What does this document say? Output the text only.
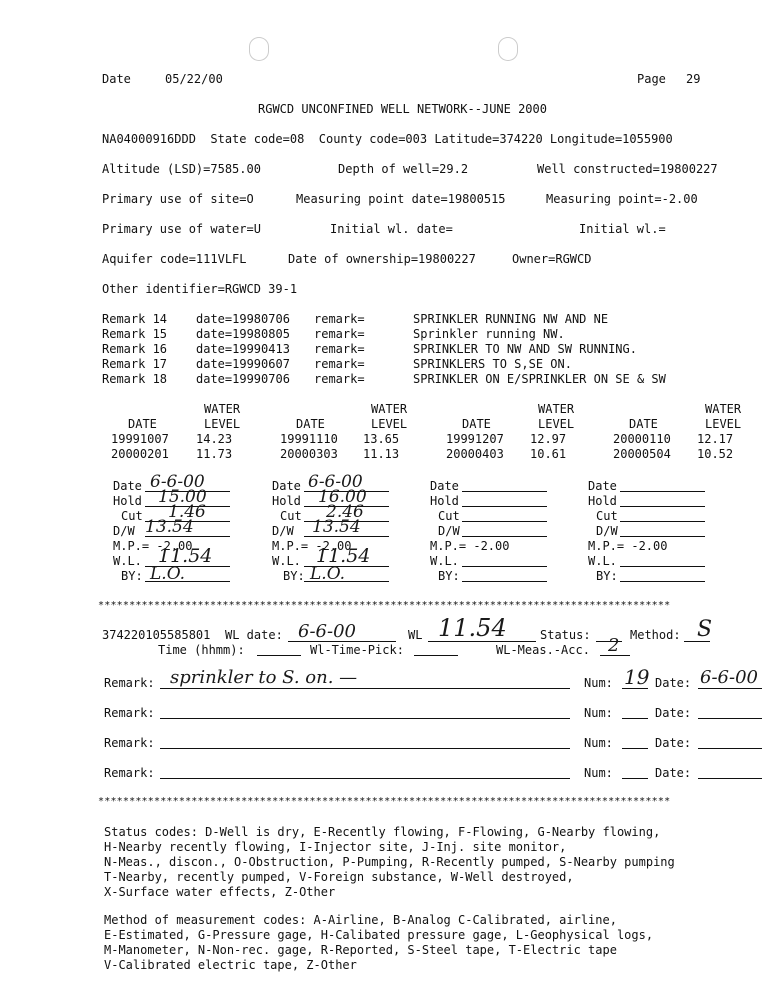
Date	05/22/00	Page 29
RGWCD UNCONFINED WELL NETWORK--JUNE 2000
NA04000916DDD  State code=08  County code=003 Latitude=374220 Longitude=1055900
Altitude (LSD)=7585.00	Depth of well=29.2	Well constructed=19800227
Primary use of site=O	Measuring point date=19800515	Measuring point=-2.00
Primary use of water=U	Initial wl. date=	Initial wl.=
Aquifer code=111VLFL	Date of ownership=19800227	Owner=RGWCD
Other identifier=RGWCD 39-1
Remark 14 date=19980706 remark=	SPRINKLER RUNNING NW AND NE
Remark 15 date=19980805 remark=	Sprinkler running NW.
Remark 16 date=19990413 remark=	SPRINKLER TO NW AND SW RUNNING.
Remark 17 date=19990607 remark=	SPRINKLERS TO S,SE ON.
Remark 18 date=19990706 remark=	SPRINKLER ON E/SPRINKLER ON SE & SW
WATER	WATER	WATER	WATER
DATE	LEVEL	DATE	LEVEL	DATE	LEVEL	DATE	LEVEL
19991007 14.23	19991110 13.65	19991207 12.97	20000110 12.17
20000201 11.73	20000303 11.13	20000403 10.61	20000504 10.52
Date 6-6-00
Hold 15.00
Cut 1.46
D/W 13.54
M.P.= -2.00
W.L. 11.54
BY: L.O.
Date 6-6-00
Hold 16.00
Cut 2.46
D/W 13.54
M.P.= -2.00
W.L. 11.54
BY: L.O.
Date
Hold
Cut
D/W
M.P.= -2.00
W.L.
BY:
Date
Hold
Cut
D/W
M.P.= -2.00
W.L.
BY:
********************************************************************************************
374220105585801 WL date: 6-6-00	WL 11.54	Status:	Method: S
Time (hhmm):	Wl-Time-Pick:	WL-Meas.-Acc. 2
Remark: sprinkler to S. on. —	Num: 19 Date: 6-6-00
Remark:	Num:	Date:
Remark:	Num:	Date:
Remark:	Num:	Date:
********************************************************************************************
Status codes: D-Well is dry, E-Recently flowing, F-Flowing, G-Nearby flowing,
H-Nearby recently flowing, I-Injector site, J-Inj. site monitor,
N-Meas., discon., O-Obstruction, P-Pumping, R-Recently pumped, S-Nearby pumping
T-Nearby, recently pumped, V-Foreign substance, W-Well destroyed,
X-Surface water effects, Z-Other
Method of measurement codes: A-Airline, B-Analog C-Calibrated, airline,
E-Estimated, G-Pressure gage, H-Calibated pressure gage, L-Geophysical logs,
M-Manometer, N-Non-rec. gage, R-Reported, S-Steel tape, T-Electric tape
V-Calibrated electric tape, Z-Other
